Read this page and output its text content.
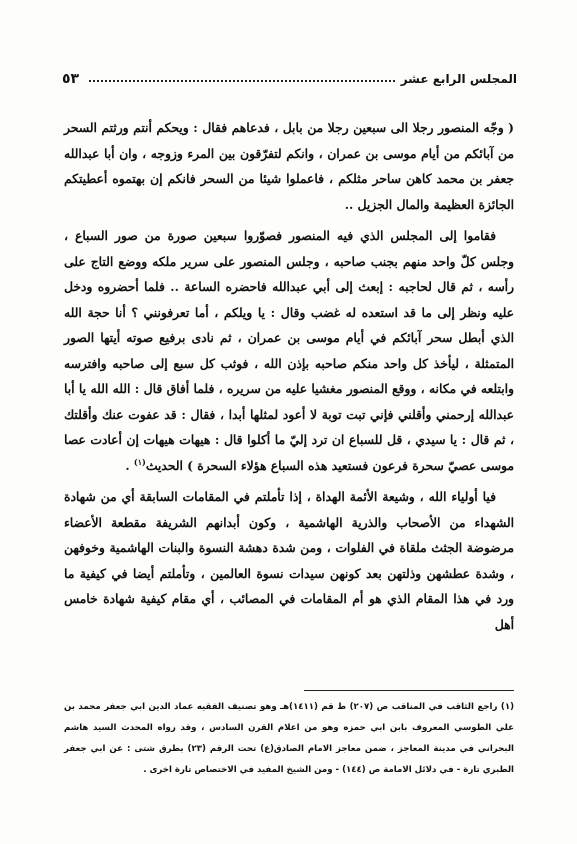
٥٣	المجلس الرابع عشر

( وجّه المنصور رجلا الى سبعين رجلا من بابل ، فدعاهم فقال : ويحكم أنتم ورثتم السحر من آبائكم من أيام موسى بن عمران ، وانكم لتفرّقون بين المرء وزوجه ، وان أبا عبدالله جعفر بن محمد كاهن ساحر مثلكم ، فاعملوا شيئا من السحر فانكم إن بهتموه أعطيتكم الجائزة العظيمة والمال الجزيل ..

فقاموا إلى المجلس الذي فيه المنصور فصوّروا سبعين صورة من صور السباع ، وجلس كلّ واحد منهم بجنب صاحبه ، وجلس المنصور على سرير ملكه ووضع التاج على رأسه ، ثم قال لحاجبه : إبعث إلى أبي عبدالله فاحضره الساعة .. فلما أحضروه ودخل عليه ونظر إلى ما قد استعده له غضب وقال : يا ويلكم ، أما تعرفونني ؟ أنا حجة الله الذي أبطل سحر آبائكم في أيام موسى بن عمران ، ثم نادى برفيع صوته أيتها الصور المتمثلة ، ليأخذ كل واحد منكم صاحبه بإذن الله ، فوثب كل سبع إلى صاحبه وافترسه وابتلعه في مكانه ، ووقع المنصور مغشيا عليه من سريره ، فلما أفاق قال : الله الله يا أبا عبدالله إرحمني وأقلني فإني تبت توبة لا أعود لمثلها أبدا ، فقال : قد عفوت عنك وأقلتك ، ثم قال : يا سيدي ، قل للسباع ان ترد إليّ ما أكلوا قال : هيهات هيهات إن أعادت عصا موسى عصيّ سحرة فرعون فستعيد هذه السباع هؤلاء السحرة ) الحديث$^{(١)}$ .

فيا أولياء الله ، وشيعة الأئمة الهداة ، إذا تأملتم في المقامات السابقة أي من شهادة الشهداء من الأصحاب والذرية الهاشمية ، وكون أبدانهم الشريفة مقطعة الأعضاء مرضوضة الجثث ملقاة في الفلوات ، ومن شدة دهشة النسوة والبنات الهاشمية وخوفهن ، وشدة عطشهن وذلتهن بعد كونهن سيدات نسوة العالمين ، وتأملتم أيضا في كيفية ما ورد في هذا المقام الذي هو أم المقامات في المصائب ، أي مقام كيفية شهادة خامس أهل

(١) راجع الثاقب في المناقب ص (٢٠٧) ط قم (١٤١١)هـ وهو تصنيف الفقيه عماد الدين ابي جعفر محمد بن علي الطوسي المعروف بابن ابي حمزه وهو من اعلام القرن السادس ، وقد رواه المحدث السيد هاشم البحراني في مدينة المعاجز ، ضمن معاجز الامام الصادق(ع) تحت الرقم (٢٣) بطرق شتى : عن ابي جعفر الطبري تارة - في دلائل الامامة ص (١٤٤) - ومن الشيخ المفيد في الاختصاص تارة اخرى .
